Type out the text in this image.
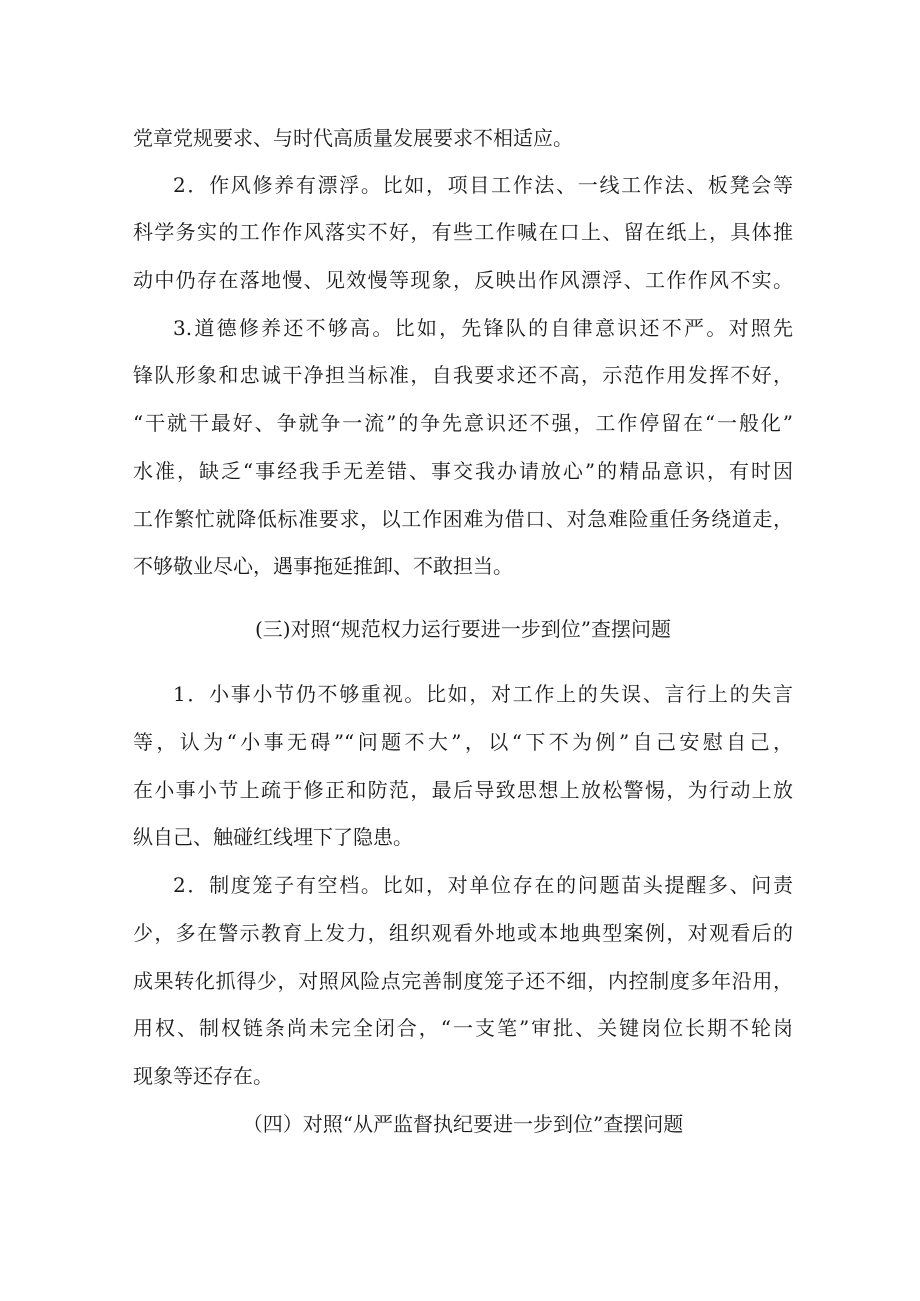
党章党规要求、与时代高质量发展要求不相适应。
2．作风修养有漂浮。比如，项目工作法、一线工作法、板凳会等
科学务实的工作作风落实不好，有些工作喊在口上、留在纸上，具体推
动中仍存在落地慢、见效慢等现象，反映出作风漂浮、工作作风不实。
3.道德修养还不够高。比如，先锋队的自律意识还不严。对照先
锋队形象和忠诚干净担当标准，自我要求还不高，示范作用发挥不好，
“干就干最好、争就争一流”的争先意识还不强，工作停留在“一般化”
水准，缺乏“事经我手无差错、事交我办请放心”的精品意识，有时因
工作繁忙就降低标准要求，以工作困难为借口、对急难险重任务绕道走，
不够敬业尽心，遇事拖延推卸、不敢担当。
(三)对照“规范权力运行要进一步到位”查摆问题
1．小事小节仍不够重视。比如，对工作上的失误、言行上的失言
等，认为“小事无碍”“问题不大”，以“下不为例”自己安慰自己，
在小事小节上疏于修正和防范，最后导致思想上放松警惕，为行动上放
纵自己、触碰红线埋下了隐患。
2．制度笼子有空档。比如，对单位存在的问题苗头提醒多、问责
少，多在警示教育上发力，组织观看外地或本地典型案例，对观看后的
成果转化抓得少，对照风险点完善制度笼子还不细，内控制度多年沿用，
用权、制权链条尚未完全闭合，“一支笔”审批、关键岗位长期不轮岗
现象等还存在。
（四）对照“从严监督执纪要进一步到位”查摆问题
